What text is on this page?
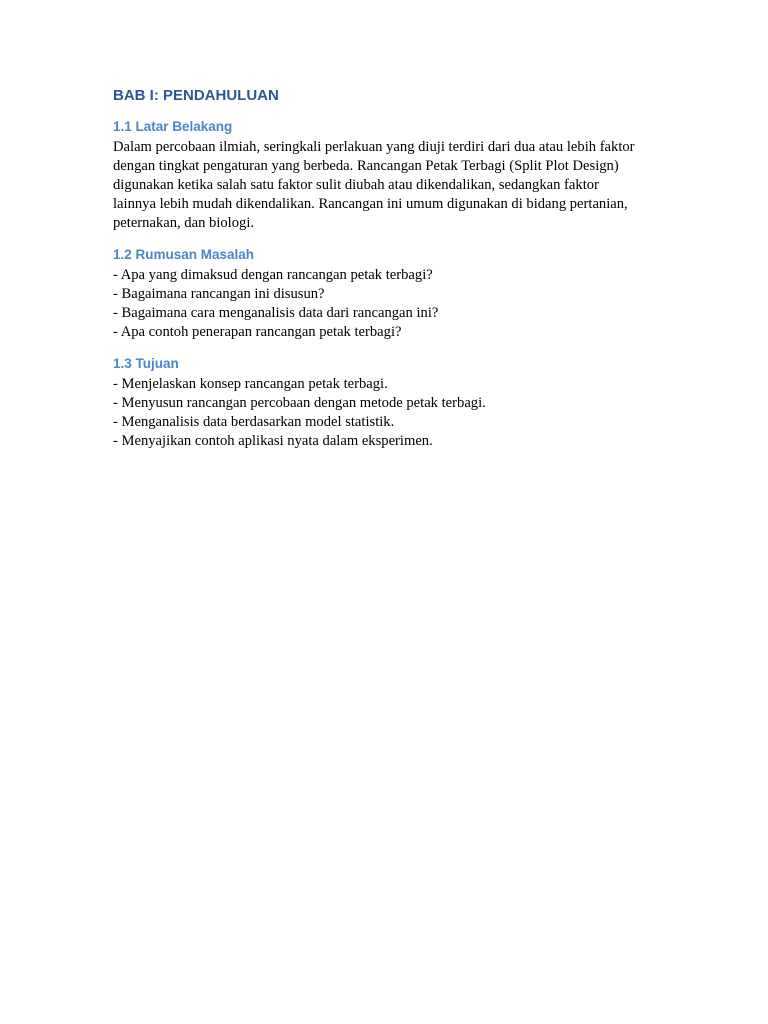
BAB I: PENDAHULUAN
1.1 Latar Belakang
Dalam percobaan ilmiah, seringkali perlakuan yang diuji terdiri dari dua atau lebih faktor
dengan tingkat pengaturan yang berbeda. Rancangan Petak Terbagi (Split Plot Design)
digunakan ketika salah satu faktor sulit diubah atau dikendalikan, sedangkan faktor
lainnya lebih mudah dikendalikan. Rancangan ini umum digunakan di bidang pertanian,
peternakan, dan biologi.
1.2 Rumusan Masalah
- Apa yang dimaksud dengan rancangan petak terbagi?
- Bagaimana rancangan ini disusun?
- Bagaimana cara menganalisis data dari rancangan ini?
- Apa contoh penerapan rancangan petak terbagi?
1.3 Tujuan
- Menjelaskan konsep rancangan petak terbagi.
- Menyusun rancangan percobaan dengan metode petak terbagi.
- Menganalisis data berdasarkan model statistik.
- Menyajikan contoh aplikasi nyata dalam eksperimen.
